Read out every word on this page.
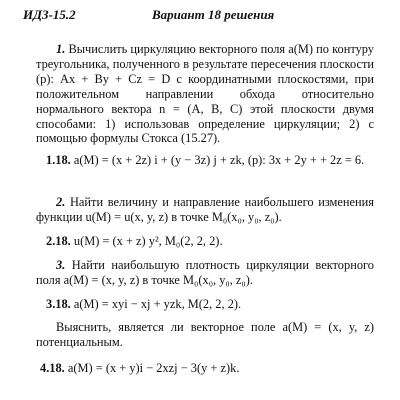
ИДЗ-15.2	Вариант 18 решения

1. Вычислить циркуляцию векторного поля a(M) по контуру треугольника, полученного в результате пересечения плоскости (p): Ax + By + Cz = D с координатными плоскостями, при положительном направлении обхода относительно нормального вектора n = (A, B, C) этой плоскости двумя способами: 1) использовав определение циркуляции; 2) с помощью формулы Стокса (15.27).

1.18. a(M) = (x + 2z) i + (y − 3z) j + zk, (p): 3x + 2y + + 2z = 6.

2. Найти величину и направление наибольшего изменения функции u(M) = u(x, y, z) в точке M₀(x₀, y₀, z₀).

2.18. u(M) = (x + z) y², M₀(2, 2, 2).

3. Найти наибольшую плотность циркуляции векторного поля a(M) = (x, y, z) в точке M₀(x₀, y₀, z₀).

3.18. a(M) = xyi − xj + yzk, M(2, 2, 2).

Выяснить, является ли векторное поле a(M) = (x, y, z) потенциальным.

4.18. a(M) = (x + y)i − 2xzj − 3(y + z)k.
